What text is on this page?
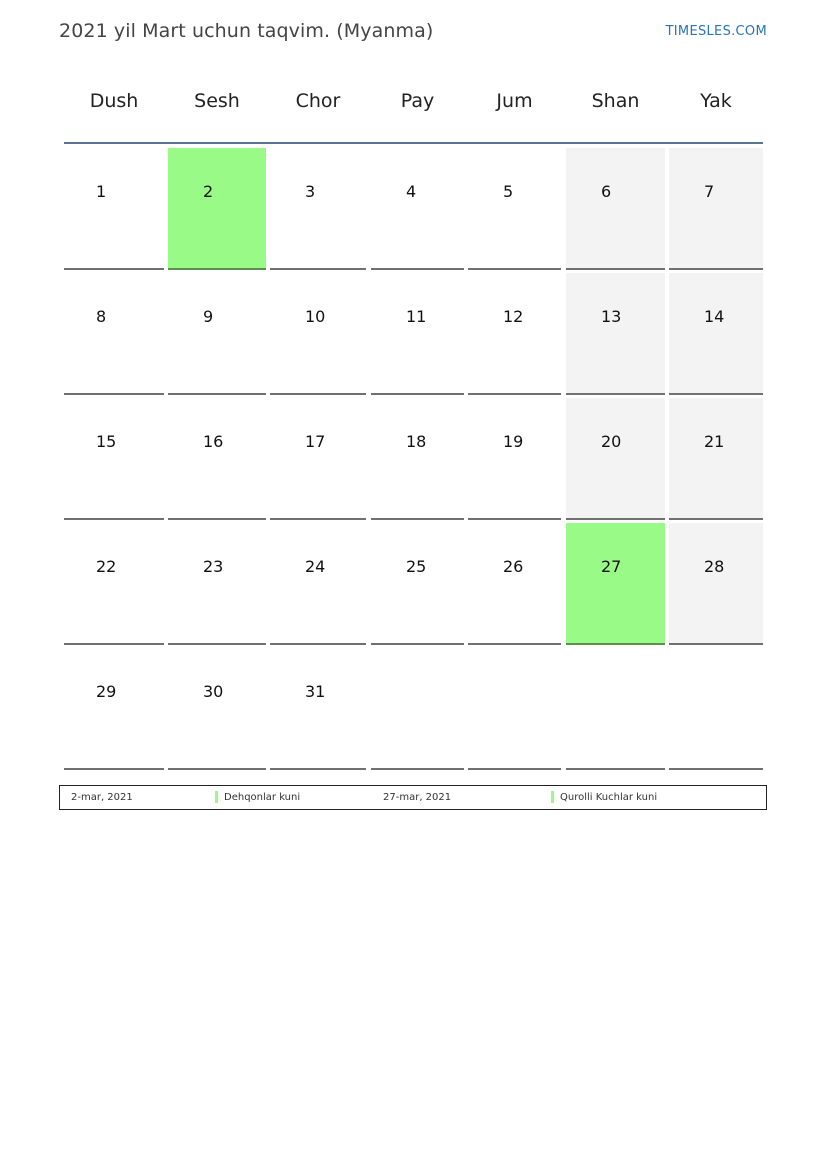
2021 yil Mart uchun taqvim. (Myanma)	TIMESLES.COM
Dush	Sesh	Chor	Pay	Jum	Shan	Yak
1	2	3	4	5	6	7
8	9	10	11	12	13	14
15	16	17	18	19	20	21
22	23	24	25	26	27	28
29	30	31
2-mar, 2021	Dehqonlar kuni	27-mar, 2021	Qurolli Kuchlar kuni
